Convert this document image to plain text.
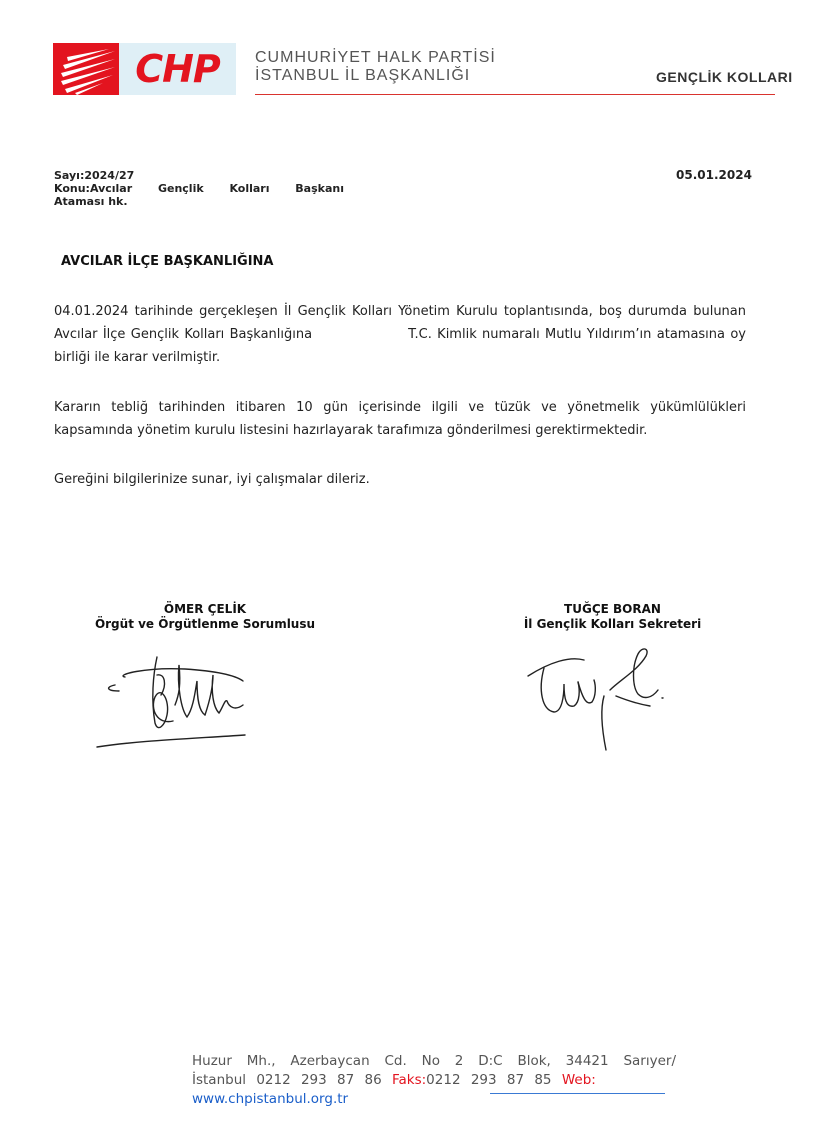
CHP CUMHURİYET HALK PARTİSİ
İSTANBUL İL BAŞKANLIĞI	GENÇLİK KOLLARI
Sayı:2024/27
Konu:Avcılar Gençlik Kolları Başkanı
Ataması hk.
05.01.2024
AVCILAR İLÇE BAŞKANLIĞINA
04.01.2024 tarihinde gerçekleşen İl Gençlik Kolları Yönetim Kurulu toplantısında, boş durumda bulunan Avcılar İlçe Gençlik Kolları Başkanlığına	T.C. Kimlik numaralı Mutlu Yıldırım’ın atamasına oy birliği ile karar verilmiştir.
Kararın tebliğ tarihinden itibaren 10 gün içerisinde ilgili ve tüzük ve yönetmelik yükümlülükleri kapsamında yönetim kurulu listesini hazırlayarak tarafımıza gönderilmesi gerektirmektedir.
Gereğini bilgilerinize sunar, iyi çalışmalar dileriz.
ÖMER ÇELİK
Örgüt ve Örgütlenme Sorumlusu
TUĞÇE BORAN
İl Gençlik Kolları Sekreteri
Huzur Mh., Azerbaycan Cd. No 2 D:C Blok, 34421 Sarıyer/
İstanbul 0212 293 87 86 Faks:0212 293 87 85 Web:
www.chpistanbul.org.tr
